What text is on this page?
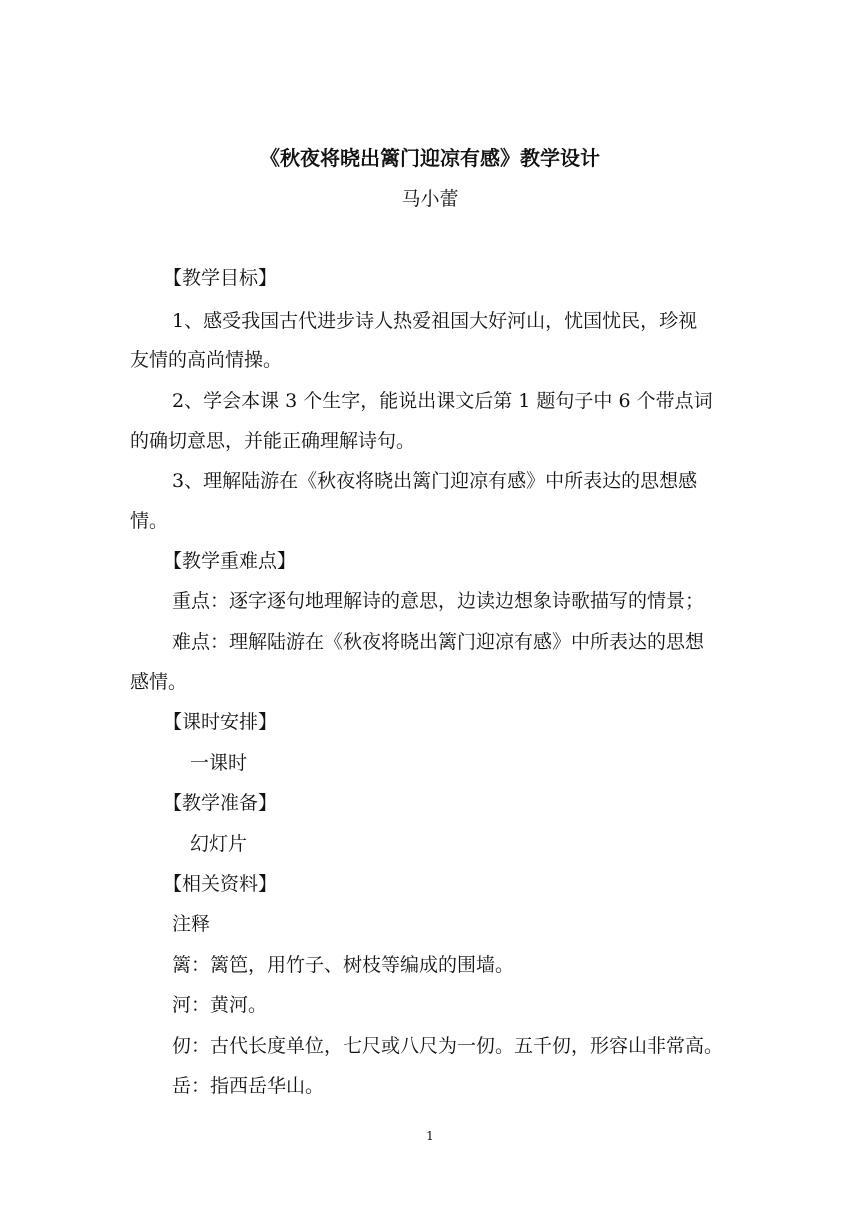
《秋夜将晓出篱门迎凉有感》教学设计
马小蕾
【教学目标】
1、感受我国古代进步诗人热爱祖国大好河山，忧国忧民，珍视
友情的高尚情操。
2、学会本课 3 个生字，能说出课文后第 1 题句子中 6 个带点词
的确切意思，并能正确理解诗句。
3、理解陆游在《秋夜将晓出篱门迎凉有感》中所表达的思想感
情。
【教学重难点】
重点：逐字逐句地理解诗的意思，边读边想象诗歌描写的情景；
难点：理解陆游在《秋夜将晓出篱门迎凉有感》中所表达的思想
感情。
【课时安排】
一课时
【教学准备】
幻灯片
【相关资料】
注释
篱：篱笆，用竹子、树枝等编成的围墙。
河：黄河。
仞：古代长度单位，七尺或八尺为一仞。五千仞，形容山非常高。
岳：指西岳华山。
1
